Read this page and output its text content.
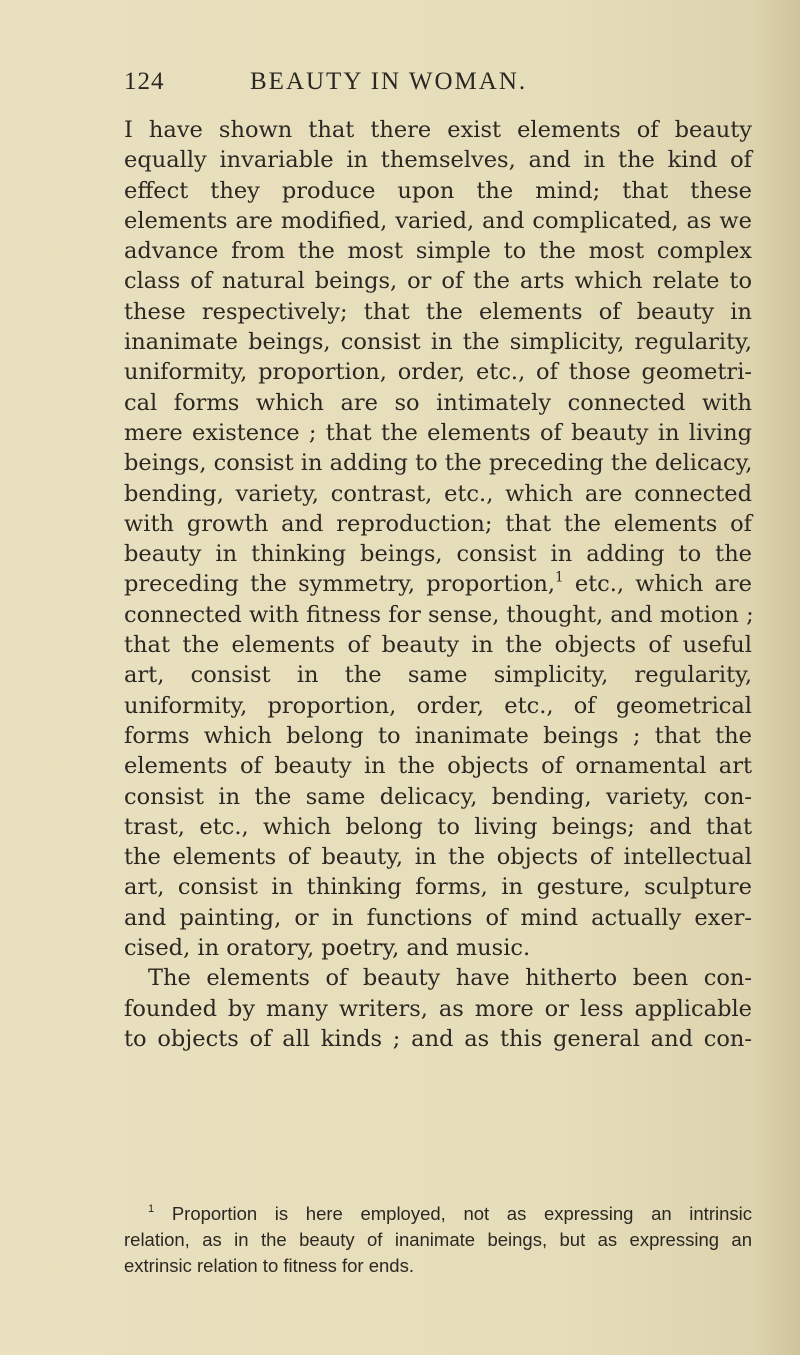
124	BEAUTY IN WOMAN.
I have shown that there exist elements of beauty
equally invariable in themselves, and in the kind of
effect they produce upon the mind; that these
elements are modified, varied, and complicated, as we
advance from the most simple to the most complex
class of natural beings, or of the arts which relate to
these respectively; that the elements of beauty in
inanimate beings, consist in the simplicity, regularity,
uniformity, proportion, order, etc., of those geometri-
cal forms which are so intimately connected with
mere existence ; that the elements of beauty in living
beings, consist in adding to the preceding the delicacy,
bending, variety, contrast, etc., which are connected
with growth and reproduction; that the elements of
beauty in thinking beings, consist in adding to the
preceding the symmetry, proportion,$^1$ etc., which are
connected with fitness for sense, thought, and motion ;
that the elements of beauty in the objects of useful
art, consist in the same simplicity, regularity,
uniformity, proportion, order, etc., of geometrical
forms which belong to inanimate beings ; that the
elements of beauty in the objects of ornamental art
consist in the same delicacy, bending, variety, con-
trast, etc., which belong to living beings; and that
the elements of beauty, in the objects of intellectual
art, consist in thinking forms, in gesture, sculpture
and painting, or in functions of mind actually exer-
cised, in oratory, poetry, and music.
The elements of beauty have hitherto been con-
founded by many writers, as more or less applicable
to objects of all kinds ; and as this general and con-
$^1$ Proportion is here employed, not as expressing an intrinsic
relation, as in the beauty of inanimate beings, but as expressing an
extrinsic relation to fitness for ends.
